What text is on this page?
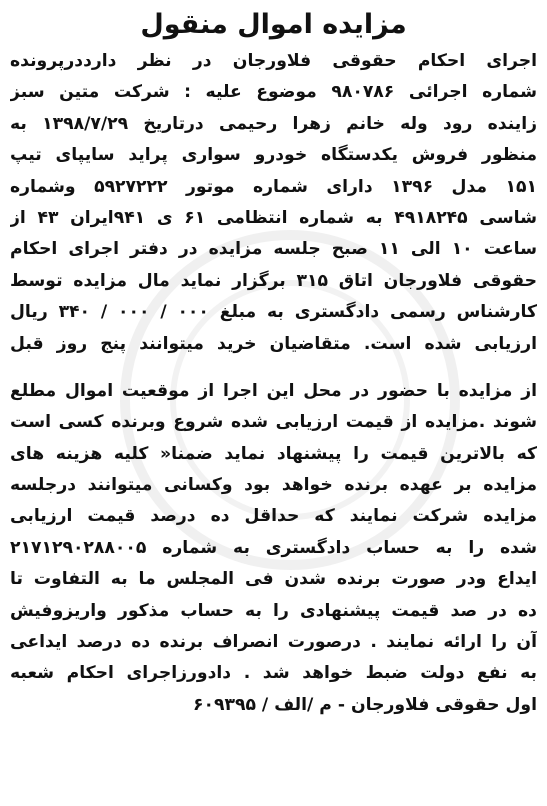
مزایده اموال منقول
اجرای احکام حقوقی فلاورجان در نظر دارددرپرونده
شماره اجرائی ۹۸۰۷۸۶ موضوع علیه : شرکت متین سبز
زاینده رود وله خانم زهرا رحیمی درتاریخ ۱۳۹۸/۷/۲۹ به
منظور فروش یکدستگاه خودرو سواری پراید سایپای تیپ
۱۵۱ مدل ۱۳۹۶ دارای شماره موتور ۵۹۲۷۲۲۲ وشماره
شاسی ۴۹۱۸۲۴۵ به شماره انتظامی ۶۱ ی ۹۴۱ایران ۴۳ از
ساعت ۱۰ الی ۱۱ صبح جلسه مزایده در دفتر اجرای احکام
حقوقی فلاورجان اتاق ۳۱۵ برگزار نماید مال مزایده توسط
کارشناس رسمی دادگستری به مبلغ ۰۰۰ / ۰۰۰ / ۳۴۰ ریال
ارزیابی شده است. متقاضیان خرید میتوانند پنج روز قبل
از مزایده با حضور در محل این اجرا از موقعیت اموال مطلع
شوند .مزایده از قیمت ارزیابی شده شروع وبرنده کسی است
که بالاترین قیمت را پیشنهاد نماید ضمنا« کلیه هزینه های
مزایده بر عهده برنده خواهد بود وکسانی میتوانند درجلسه
مزایده شرکت نمایند که حداقل ده درصد قیمت ارزیابی
شده را به حساب دادگستری به شماره ۲۱۷۱۲۹۰۲۸۸۰۰۵
ایداع ودر صورت برنده شدن فی المجلس ما به التفاوت تا
ده در صد قیمت پیشنهادی را به حساب مذکور واریزوفیش
آن را ارائه نمایند . درصورت انصراف برنده ده درصد ایداعی
به نفع دولت ضبط خواهد شد . دادورزاجرای احکام شعبه
اول حقوقی فلاورجان - م /الف / ۶۰۹۳۹۵
